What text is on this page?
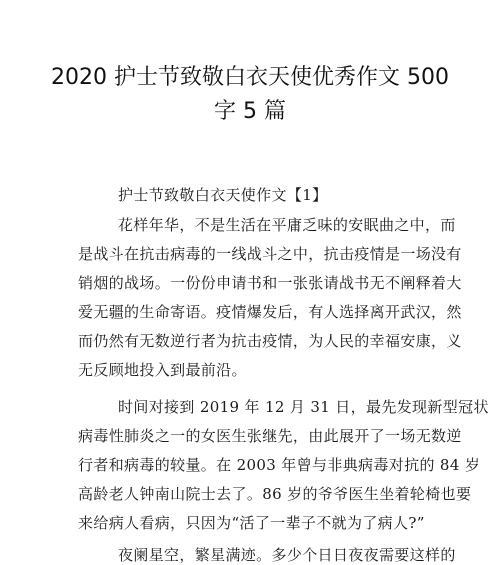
2020 护士节致敬白衣天使优秀作文 500
字 5 篇
护士节致敬白衣天使作文【1】
花样年华，不是生活在平庸乏味的安眠曲之中，而
是战斗在抗击病毒的一线战斗之中，抗击疫情是一场没有
销烟的战场。一份份申请书和一张张请战书无不阐释着大
爱无疆的生命寄语。疫情爆发后，有人选择离开武汉，然
而仍然有无数逆行者为抗击疫情，为人民的幸福安康，义
无反顾地投入到最前沿。
时间对接到 2019 年 12 月 31 日，最先发现新型冠状
病毒性肺炎之一的女医生张继先，由此展开了一场无数逆
行者和病毒的较量。在 2003 年曾与非典病毒对抗的 84 岁
高龄老人钟南山院士去了。86 岁的爷爷医生坐着轮椅也要
来给病人看病，只因为“活了一辈子不就为了病人?”
夜阑星空，繁星满迹。多少个日日夜夜需要这样的
